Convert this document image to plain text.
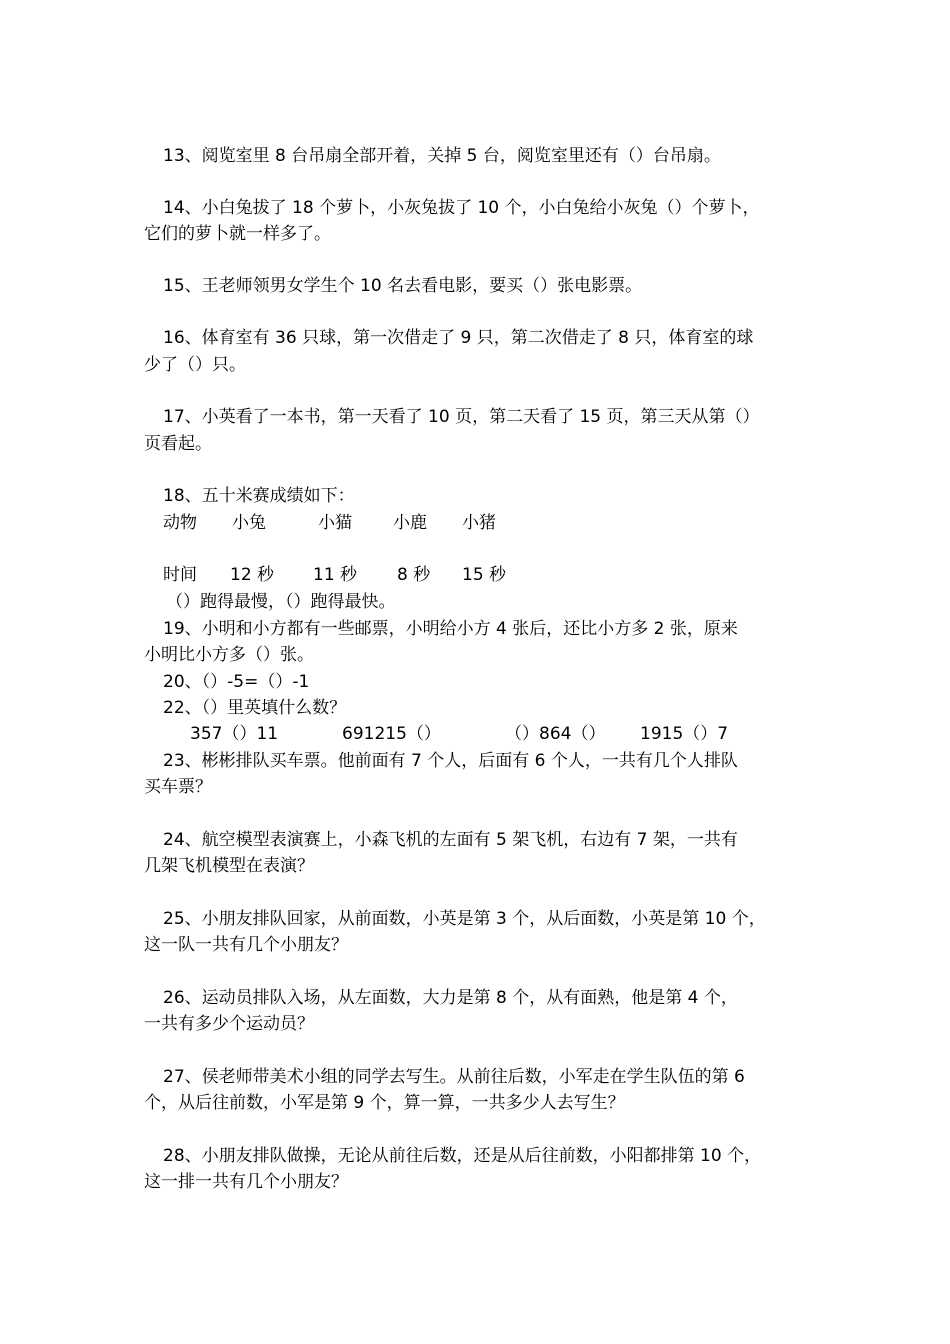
13、阅览室里 8 台吊扇全部开着，关掉 5 台，阅览室里还有（）台吊扇。
14、小白兔拔了 18 个萝卜，小灰兔拔了 10 个，小白兔给小灰兔（）个萝卜，
它们的萝卜就一样多了。
15、王老师领男女学生个 10 名去看电影，要买（）张电影票。
16、体育室有 36 只球，第一次借走了 9 只，第二次借走了 8 只，体育室的球
少了（）只。
17、小英看了一本书，第一天看了 10 页，第二天看了 15 页，第三天从第（）
页看起。
18、五十米赛成绩如下：
动物 小兔	小猫 小鹿 小猪
时间 12 秒 11 秒 8 秒 15 秒
（）跑得最慢，（）跑得最快。
19、小明和小方都有一些邮票，小明给小方 4 张后，还比小方多 2 张，原来
小明比小方多（）张。
20、（）-5=（）-1
22、（）里英填什么数？
357（）11	691215（）	（）864（） 1915（）7
23、彬彬排队买车票。他前面有 7 个人，后面有 6 个人，一共有几个人排队
买车票？
24、航空模型表演赛上，小森飞机的左面有 5 架飞机，右边有 7 架，一共有
几架飞机模型在表演？
25、小朋友排队回家，从前面数，小英是第 3 个，从后面数，小英是第 10 个，
这一队一共有几个小朋友？
26、运动员排队入场，从左面数，大力是第 8 个，从有面熟，他是第 4 个，
一共有多少个运动员？
27、侯老师带美术小组的同学去写生。从前往后数，小军走在学生队伍的第 6
个，从后往前数，小军是第 9 个，算一算，一共多少人去写生？
28、小朋友排队做操，无论从前往后数，还是从后往前数，小阳都排第 10 个，
这一排一共有几个小朋友？
